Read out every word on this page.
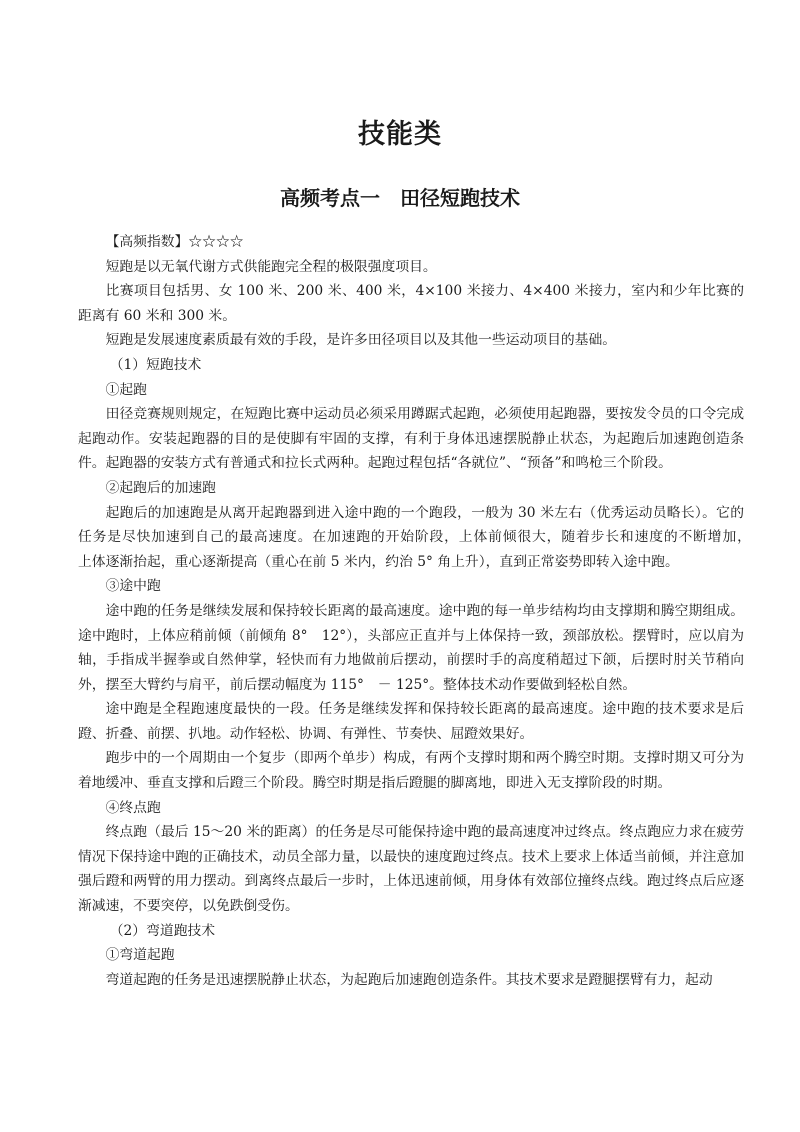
技能类
高频考点一　田径短跑技术

【高频指数】☆☆☆☆

短跑是以无氧代谢方式供能跑完全程的极限强度项目。

比赛项目包括男、女 100 米、200 米、400 米，4×100 米接力、4×400 米接力，室内和少年比赛的距离有 60 米和 300 米。

短跑是发展速度素质最有效的手段，是许多田径项目以及其他一些运动项目的基础。

（1）短跑技术

①起跑

田径竞赛规则规定，在短跑比赛中运动员必须采用蹲踞式起跑，必须使用起跑器，要按发令员的口令完成起跑动作。安装起跑器的目的是使脚有牢固的支撑，有利于身体迅速摆脱静止状态，为起跑后加速跑创造条件。起跑器的安装方式有普通式和拉长式两种。起跑过程包括“各就位”、“预备”和鸣枪三个阶段。

②起跑后的加速跑

起跑后的加速跑是从离开起跑器到进入途中跑的一个跑段，一般为 30 米左右（优秀运动员略长）。它的任务是尽快加速到自己的最高速度。在加速跑的开始阶段，上体前倾很大，随着步长和速度的不断增加，　　上体逐渐抬起，重心逐渐提高（重心在前 5 米内，约治 5° 角上升），直到正常姿势即转入途中跑。

③途中跑

途中跑的任务是继续发展和保持较长距离的最高速度。途中跑的每一单步结构均由支撑期和腾空期组成。途中跑时，上体应稍前倾（前倾角 8°　12°），头部应正直并与上体保持一致，颈部放松。摆臂时，应以肩为轴，手指成半握拳或自然伸掌，轻快而有力地做前后摆动，前摆时手的高度稍超过下颌，后摆时肘关节稍向外，摆至大臂约与肩平，前后摆动幅度为 115°　－ 125°。整体技术动作要做到轻松自然。

途中跑是全程跑速度最快的一段。任务是继续发挥和保持较长距离的最高速度。途中跑的技术要求是后蹬、折叠、前摆、扒地。动作轻松、协调、有弹性、节奏快、屈蹬效果好。

跑步中的一个周期由一个复步（即两个单步）构成，有两个支撑时期和两个腾空时期。支撑时期又可分为着地缓冲、垂直支撑和后蹬三个阶段。腾空时期是指后蹬腿的脚离地，即进入无支撑阶段的时期。

④终点跑

终点跑（最后 15～20 米的距离）的任务是尽可能保持途中跑的最高速度冲过终点。终点跑应力求在疲劳情况下保持途中跑的正确技术，动员全部力量，以最快的速度跑过终点。技术上要求上体适当前倾，并注意加强后蹬和两臂的用力摆动。到离终点最后一步时，上体迅速前倾，用身体有效部位撞终点线。跑过终点后应逐渐减速，不要突停，以免跌倒受伤。

（2）弯道跑技术

①弯道起跑

弯道起跑的任务是迅速摆脱静止状态，为起跑后加速跑创造条件。其技术要求是蹬腿摆臂有力，起动
